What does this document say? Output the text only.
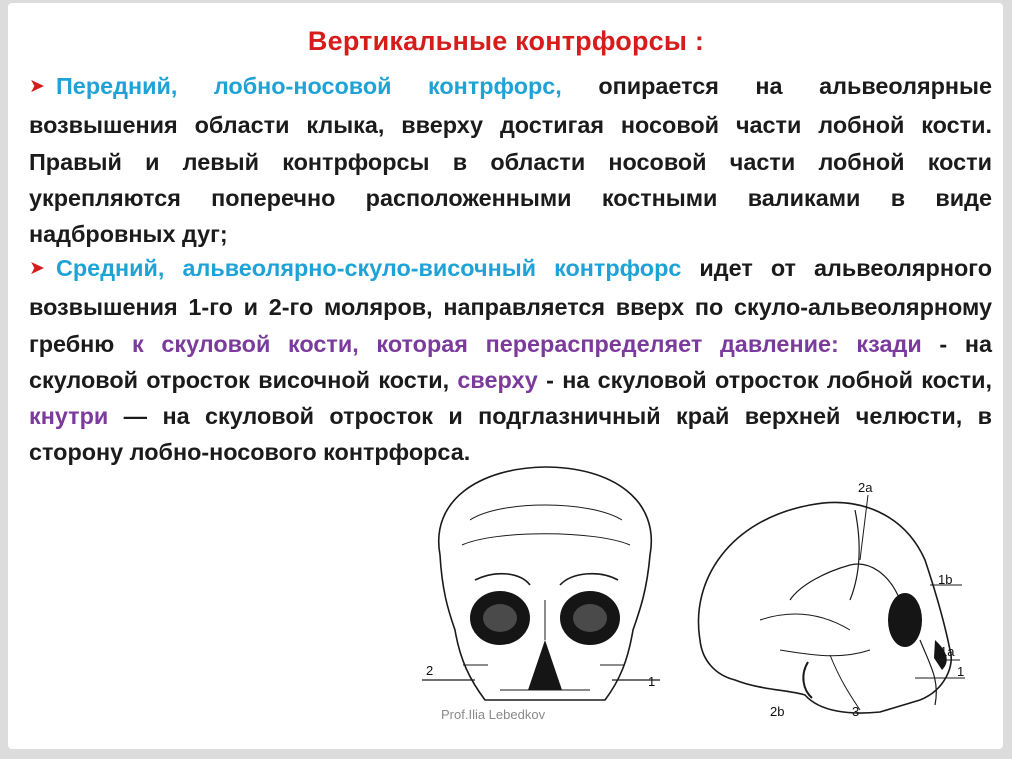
Вертикальные контрфорсы :
➤ Передний, лобно-носовой контрфорс, опирается на альвеолярные возвышения области клыка, вверху достигая носовой части лобной кости. Правый и левый контрфорсы в области носовой части лобной кости укрепляются поперечно расположенными костными валиками в виде надбровных дуг;
➤ Средний, альвеолярно-скуло-височный контрфорс идет от альвеолярного возвышения 1-го и 2-го моляров, направляется вверх по скуло-альвеолярному гребню к скуловой кости, которая перераспределяет давление: кзади - на скуловой отросток височной кости, сверху - на скуловой отросток лобной кости, кнутри — на скуловой отросток и подглазничный край верхней челюсти, в сторону лобно-носового контрфорса.
2
1
2a
1b
1a
1
2b	3
Prof.Ilia Lebedkov
